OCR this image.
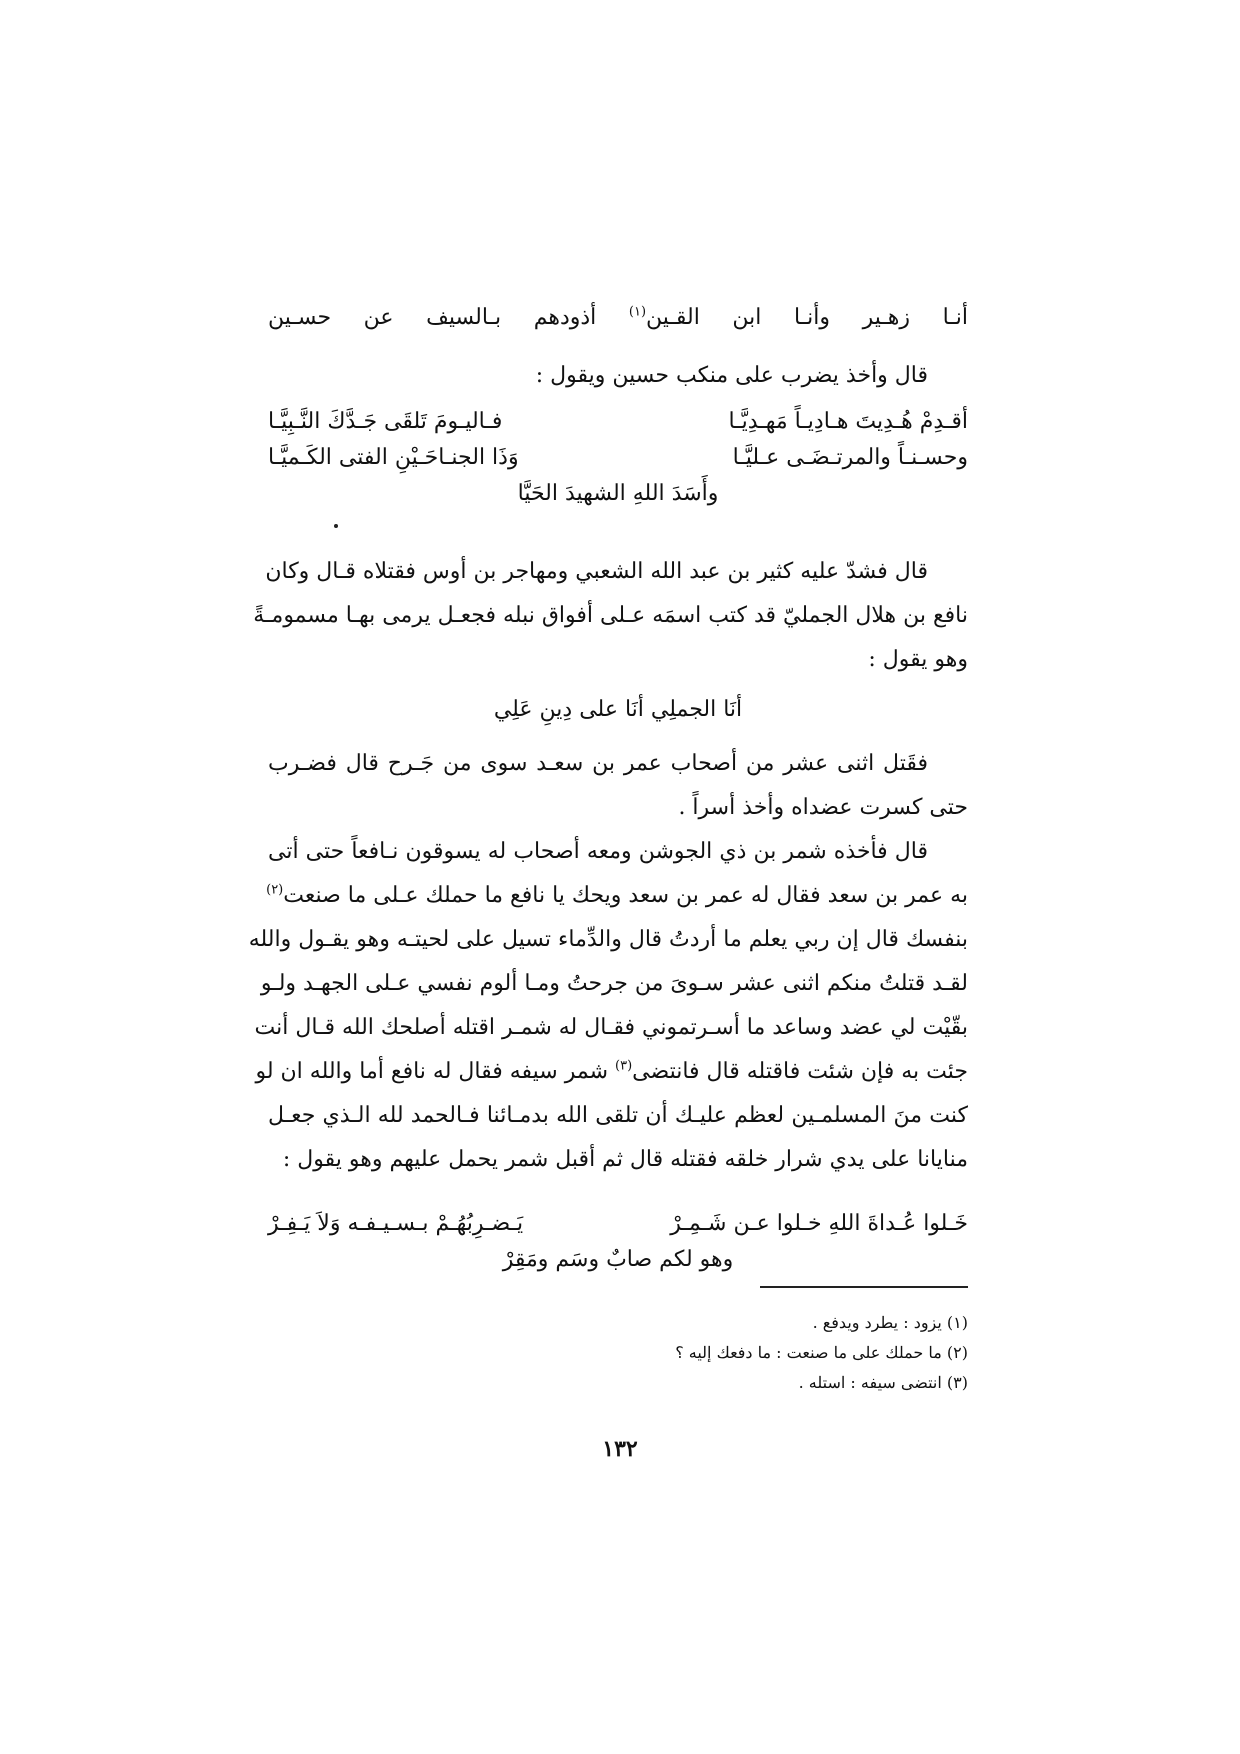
أنـا زهـير وأنـا ابن القـين$^{(١)}$ أذودهم بـالسيف عن حسـين
قال وأخذ يضرب على منكب حسين ويقول :
أقـدِمْ هُـدِيتَ هـادِيـاً مَهـدِيَّـا
فـاليـومَ تَلقَى جَـدَّكَ النَّـبِيَّـا
وحسـنـاً والمرتـضَـى عـليَّـا
وَذَا الجنـاحَـيْنِ الفتى الكَـميَّـا
وأَسَدَ اللهِ الشهيدَ الحَيَّا
قال فشدّ عليه كثير بن عبد الله الشعبي ومهاجر بن أوس فقتلاه قـال وكان
نافع بن هلال الجمليّ قد كتب اسمَه عـلى أفواق نبله فجعـل يرمى بهـا مسمومـةً
وهو يقول :
أنَا الجملِي أنَا على دِينِ عَلِي
فقَتل اثنى عشر من أصحاب عمر بن سعـد سوى من جَـرح قال فضـرب
حتى كسرت عضداه وأخذ أسراً .
قال فأخذه شمر بن ذي الجوشن ومعه أصحاب له يسوقون نـافعاً حتى أتى
به عمر بن سعد فقال له عمر بن سعد ويحك يا نافع ما حملك عـلى ما صنعت$^{(٢)}$
بنفسك قال إن ربي يعلم ما أردتُ قال والدِّماء تسيل على لحيتـه وهو يقـول والله
لقـد قتلتُ منكم اثنى عشر سـوىَ من جرحتُ ومـا ألوم نفسي عـلى الجهـد ولـو
بقّيْت لي عضد وساعد ما أسـرتموني فقـال له شمـر اقتله أصلحك الله قـال أنت
جئت به فإن شئت فاقتله قال فانتضى$^{(٣)}$ شمر سيفه فقال له نافع أما والله ان لو
كنت منَ المسلمـين لعظم عليـك أن تلقى الله بدمـائنا فـالحمد لله الـذي جعـل
منايانا على يدي شرار خلقه فقتله قال ثم أقبل شمر يحمل عليهم وهو يقول :
خَـلوا عُـداةَ اللهِ خـلوا عـن شَـمِـرْ
يَـضـرِبُهُـمْ بـسـيـفـه وَلاَ يَـفِـرْ
وهو لكم صابٌ وسَم ومَقِرْ
(١) يزود : يطرد ويدفع .
(٢) ما حملك على ما صنعت : ما دفعك إليه ؟
(٣) انتضى سيفه : استله .
١٣٢
